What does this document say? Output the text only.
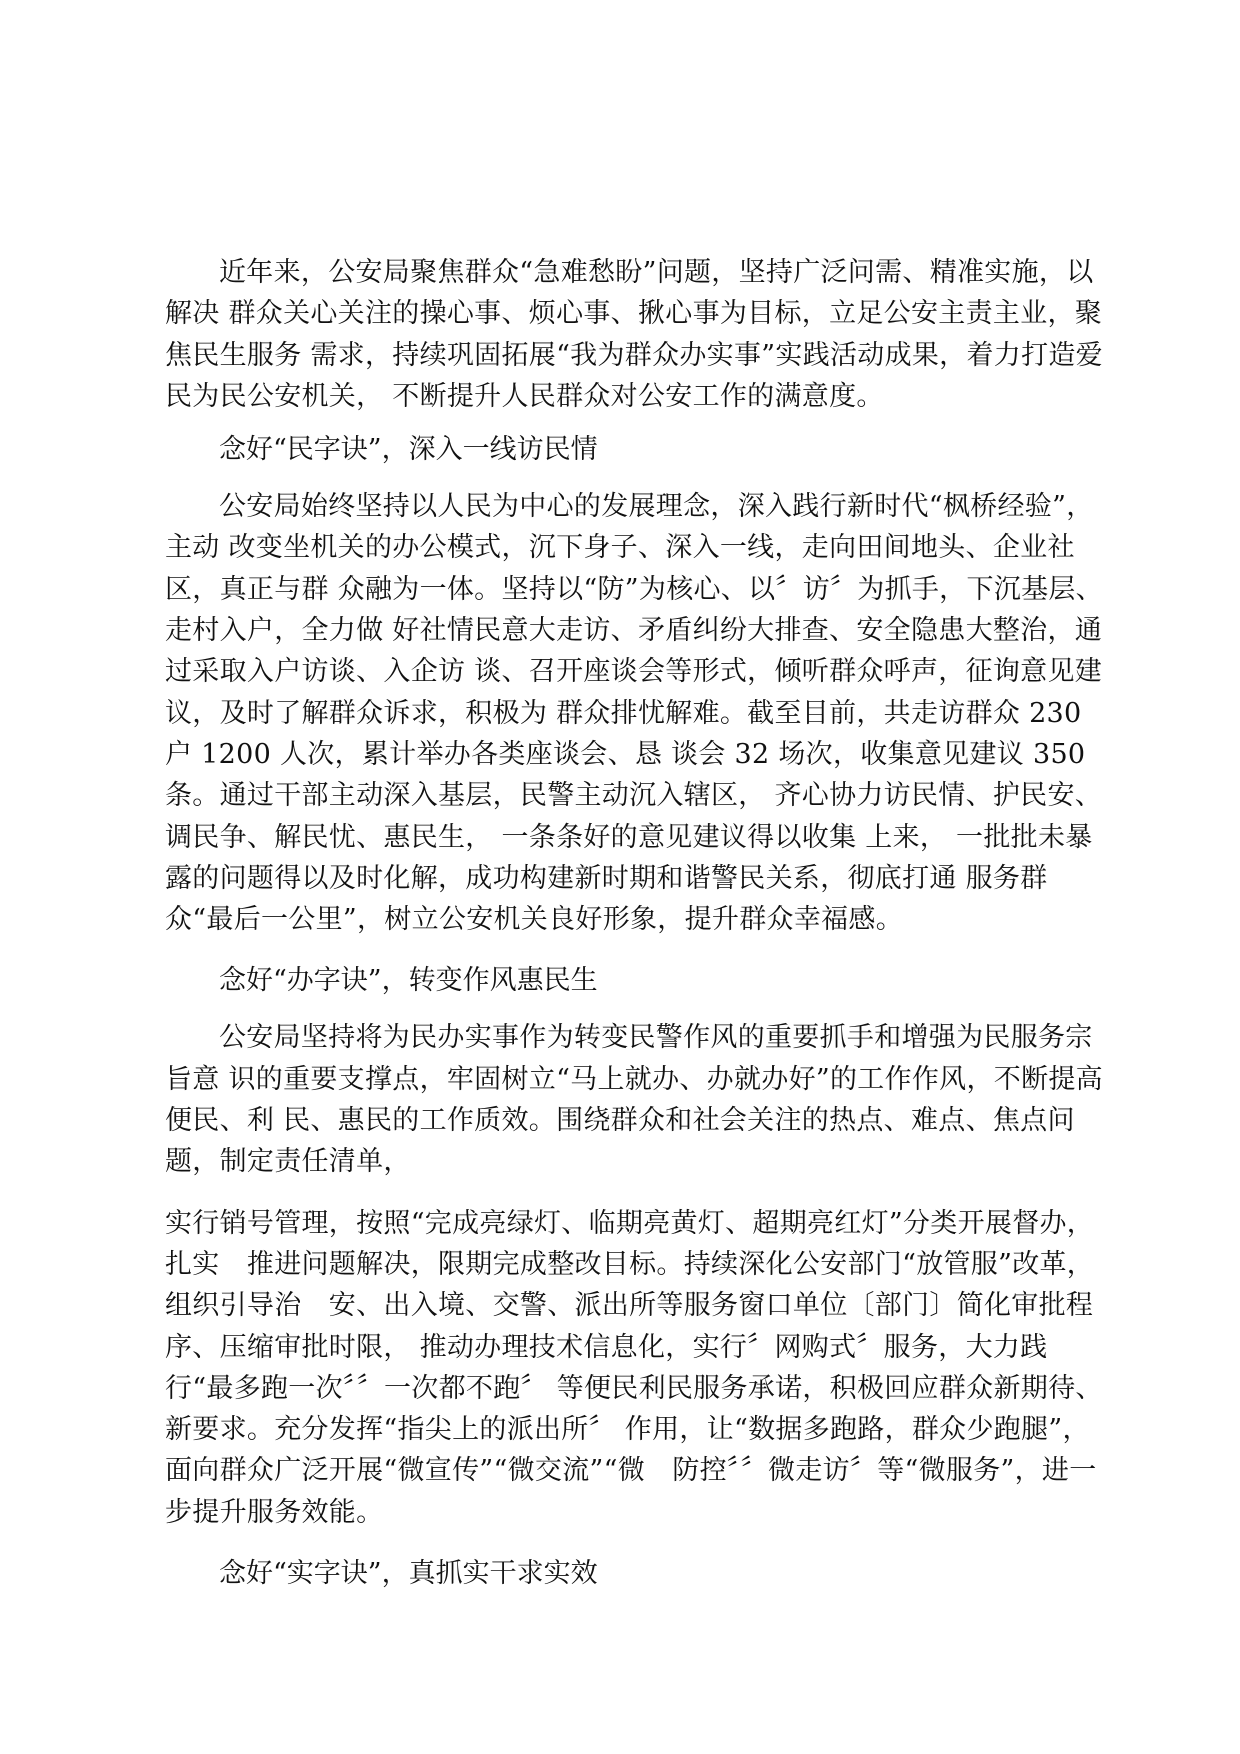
近年来，公安局聚焦群众“急难愁盼”问题，坚持广泛问需、精准实施，以解决 群众关心关注的操心事、烦心事、揪心事为目标，立足公安主责主业，聚焦民生服务 需求，持续巩固拓展“我为群众办实事”实践活动成果，着力打造爱民为民公安机关， 不断提升人民群众对公安工作的满意度。

念好“民字诀”，深入一线访民情

公安局始终坚持以人民为中心的发展理念，深入践行新时代“枫桥经验”，主动 改变坐机关的办公模式，沉下身子、深入一线，走向田间地头、企业社区，真正与群 众融为一体。坚持以“防”为核心、以〞访〞为抓手，下沉基层、走村入户，全力做 好社情民意大走访、矛盾纠纷大排查、安全隐患大整治，通过采取入户访谈、入企访 谈、召开座谈会等形式，倾听群众呼声，征询意见建议，及时了解群众诉求，积极为 群众排忧解难。截至目前，共走访群众 230 户 1200 人次，累计举办各类座谈会、恳 谈会 32 场次，收集意见建议 350 条。通过干部主动深入基层，民警主动沉入辖区， 齐心协力访民情、护民安、调民争、解民忧、惠民生， 一条条好的意见建议得以收集 上来， 一批批未暴露的问题得以及时化解，成功构建新时期和谐警民关系，彻底打通 服务群众“最后一公里”，树立公安机关良好形象，提升群众幸福感。

念好“办字诀”，转变作风惠民生

公安局坚持将为民办实事作为转变民警作风的重要抓手和增强为民服务宗旨意 识的重要支撑点，牢固树立“马上就办、办就办好”的工作作风，不断提高便民、利 民、惠民的工作质效。围绕群众和社会关注的热点、难点、焦点问题，制定责任清单，

实行销号管理，按照“完成亮绿灯、临期亮黄灯、超期亮红灯”分类开展督办，扎实　推进问题解决，限期完成整改目标。持续深化公安部门“放管服”改革，组织引导治　安、出入境、交警、派出所等服务窗口单位〔部门〕简化审批程序、压缩审批时限， 推动办理技术信息化，实行〞网购式〞服务，大力践行“最多跑一次〞〞一次都不跑〞 等便民利民服务承诺，积极回应群众新期待、新要求。充分发挥“指尖上的派出所〞 作用，让“数据多跑路，群众少跑腿”，面向群众广泛开展“微宣传”“微交流”“微　防控〞〞微走访〞等“微服务”，进一步提升服务效能。

念好“实字诀”，真抓实干求实效
